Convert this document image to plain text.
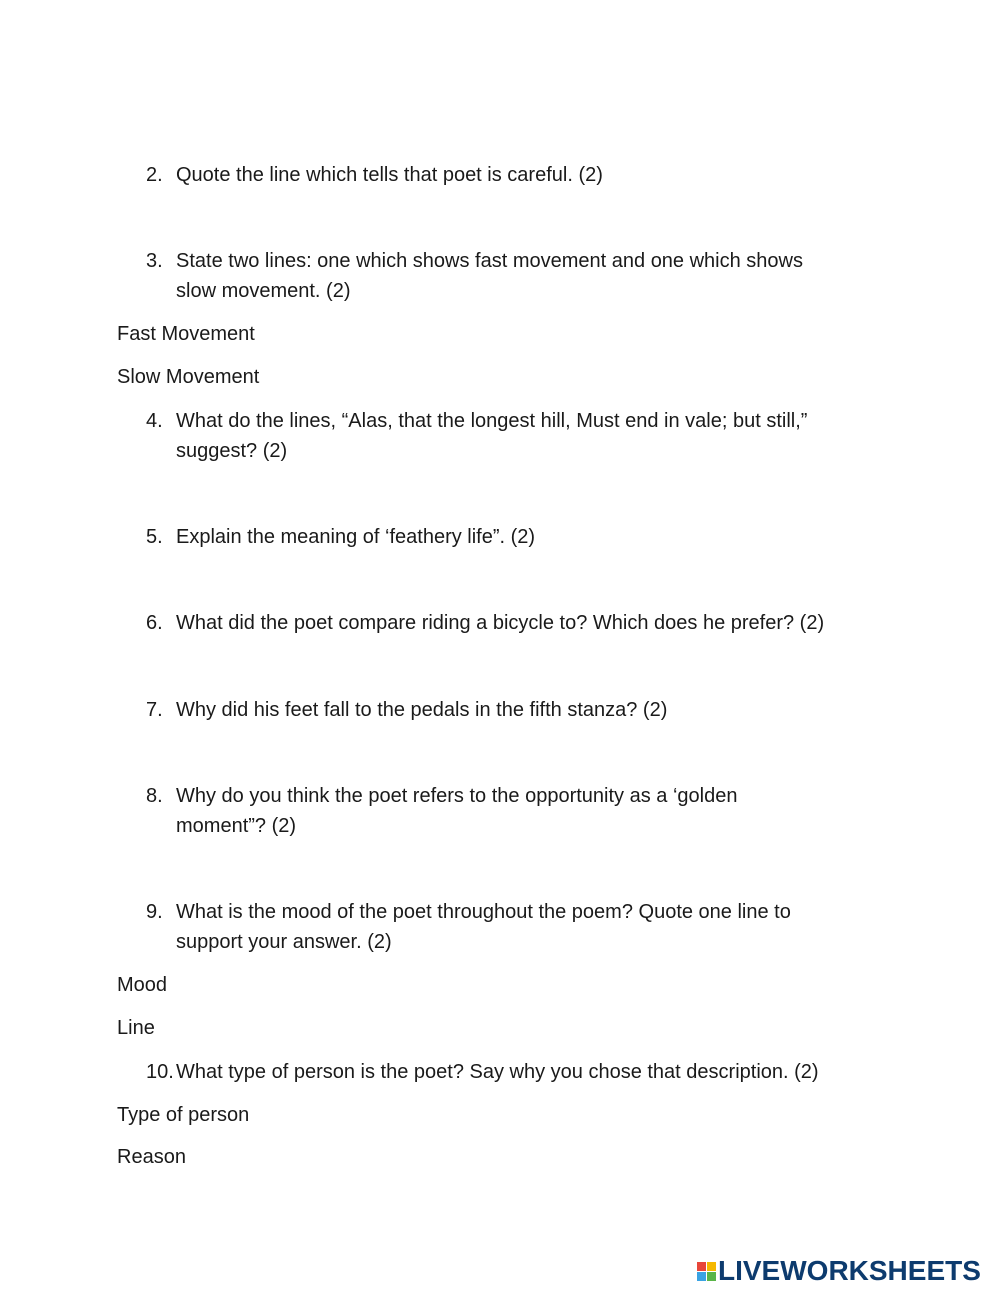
2. Quote the line which tells that poet is careful. (2)
3. State two lines: one which shows fast movement and one which shows slow movement. (2)
Fast Movement
Slow Movement
4. What do the lines, “Alas, that the longest hill, Must end in vale; but still,” suggest? (2)
5. Explain the meaning of ‘feathery life”. (2)
6. What did the poet compare riding a bicycle to? Which does he prefer? (2)
7. Why did his feet fall to the pedals in the fifth stanza? (2)
8. Why do you think the poet refers to the opportunity as a ‘golden moment”? (2)
9. What is the mood of the poet throughout the poem? Quote one line to support your answer. (2)
Mood
Line
10. What type of person is the poet? Say why you chose that description. (2)
Type of person
Reason
LIVEWORKSHEETS
